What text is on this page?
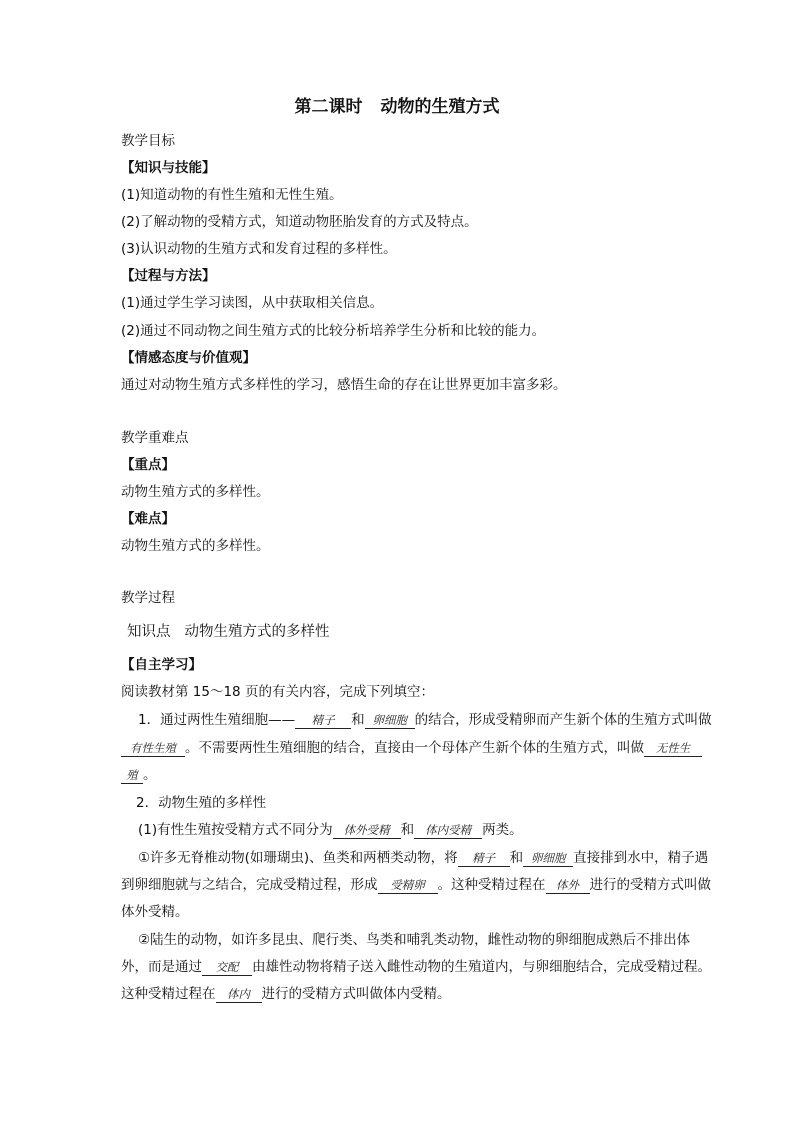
第二课时 动物的生殖方式
教学目标
【知识与技能】
(1)知道动物的有性生殖和无性生殖。
(2)了解动物的受精方式，知道动物胚胎发育的方式及特点。
(3)认识动物的生殖方式和发育过程的多样性。
【过程与方法】
(1)通过学生学习读图，从中获取相关信息。
(2)通过不同动物之间生殖方式的比较分析培养学生分析和比较的能力。
【情感态度与价值观】
通过对动物生殖方式多样性的学习，感悟生命的存在让世界更加丰富多彩。
教学重难点
【重点】
动物生殖方式的多样性。
【难点】
动物生殖方式的多样性。
教学过程
知识点 动物生殖方式的多样性
【自主学习】
阅读教材第 15～18 页的有关内容，完成下列填空：
1．通过两性生殖细胞—— 精子 和 卵细胞 的结合，形成受精卵而产生新个体的生殖方式叫做
有性生殖 。不需要两性生殖细胞的结合，直接由一个母体产生新个体的生殖方式，叫做 无性生
殖 。
2．动物生殖的多样性
(1)有性生殖按受精方式不同分为 体外受精 和 体内受精 两类。
①许多无脊椎动物(如珊瑚虫)、鱼类和两栖类动物，将 精子 和 卵细胞 直接排到水中，精子遇
到卵细胞就与之结合，完成受精过程，形成 受精卵 。这种受精过程在 体外 进行的受精方式叫做
体外受精。
②陆生的动物，如许多昆虫、爬行类、鸟类和哺乳类动物，雌性动物的卵细胞成熟后不排出体
外，而是通过 交配 由雄性动物将精子送入雌性动物的生殖道内，与卵细胞结合，完成受精过程。
这种受精过程在 体内 进行的受精方式叫做体内受精。
